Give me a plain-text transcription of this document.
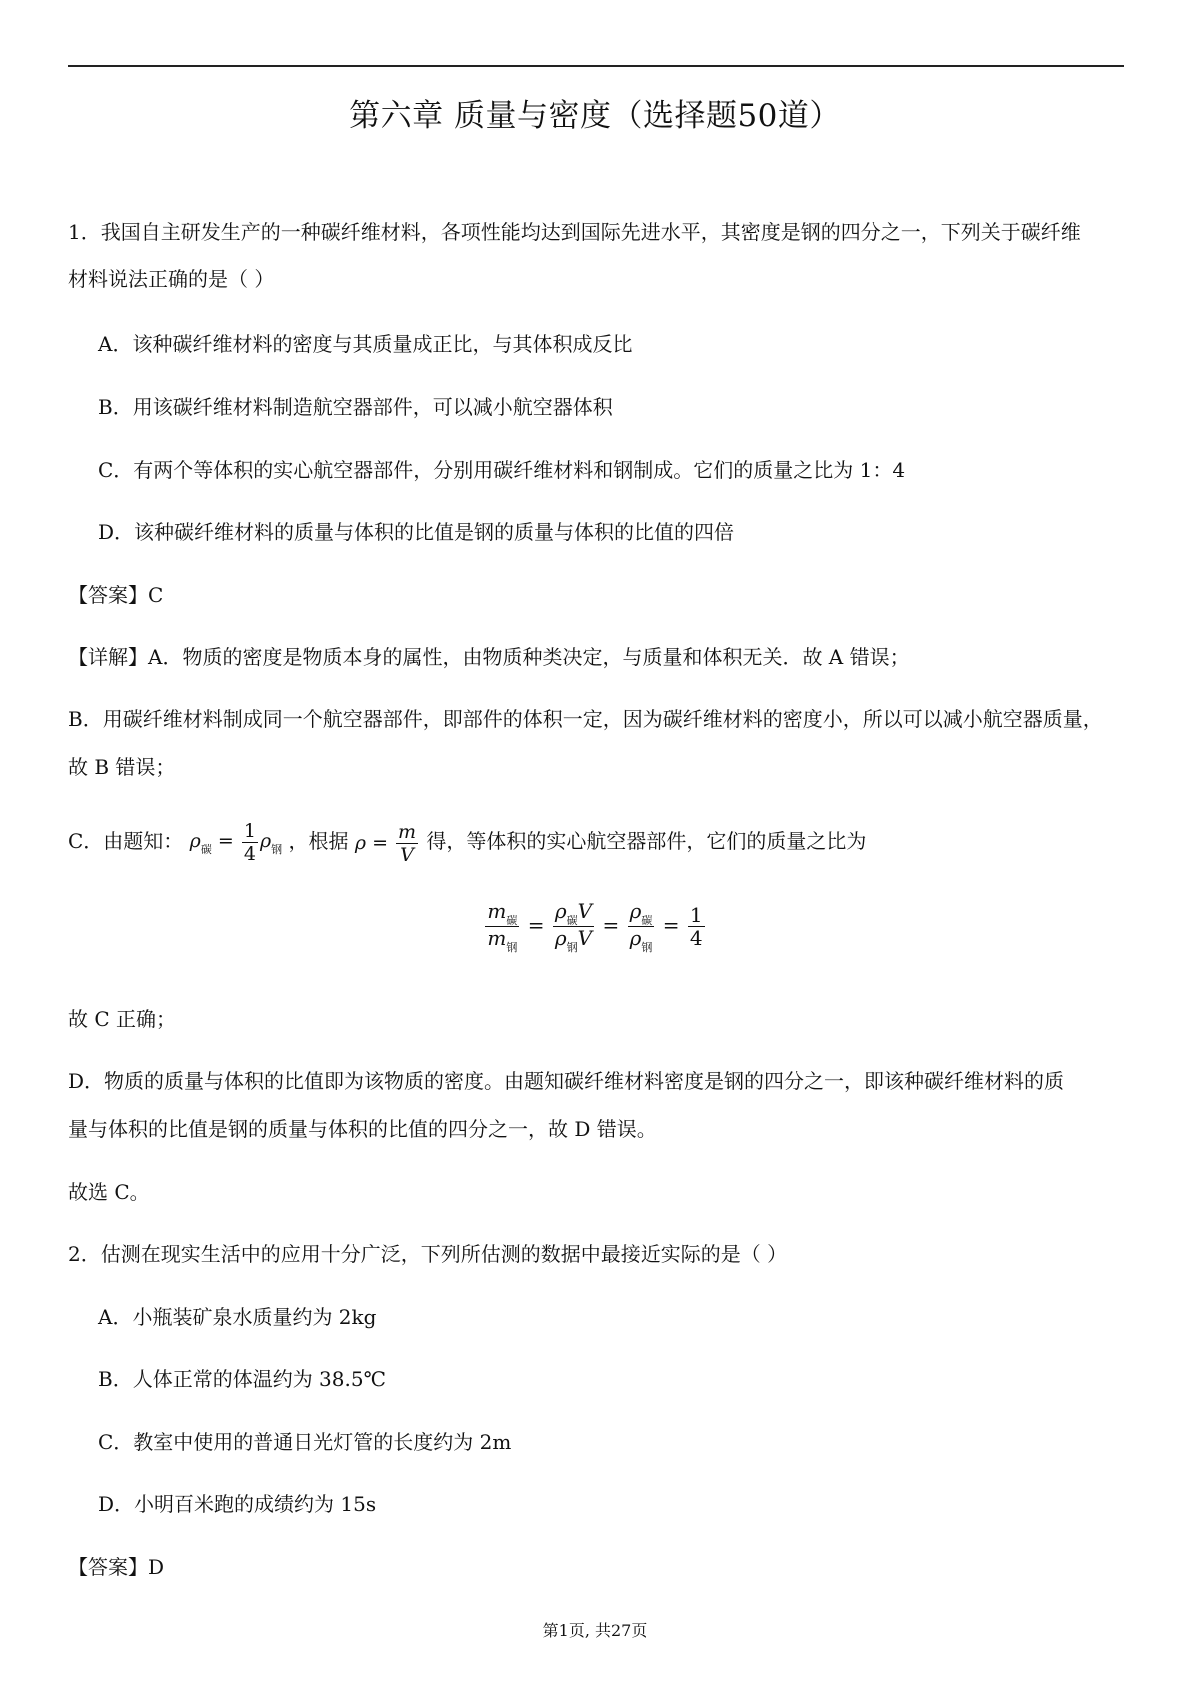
第六章 质量与密度（选择题50道）
1．我国自主研发生产的一种碳纤维材料，各项性能均达到国际先进水平，其密度是钢的四分之一，下列关于碳纤维
材料说法正确的是（ ）
A．该种碳纤维材料的密度与其质量成正比，与其体积成反比
B．用该碳纤维材料制造航空器部件，可以减小航空器体积
C．有两个等体积的实心航空器部件，分别用碳纤维材料和钢制成。它们的质量之比为 1：4
D．该种碳纤维材料的质量与体积的比值是钢的质量与体积的比值的四倍
【答案】C
【详解】A．物质的密度是物质本身的属性，由物质种类决定，与质量和体积无关．故 A 错误；
B．用碳纤维材料制成同一个航空器部件，即部件的体积一定，因为碳纤维材料的密度小，所以可以减小航空器质量，
故 B 错误；
C．由题知： $\rho_碳 = \frac{1}{4} \rho_钢$ ，根据 $\rho = \frac{m}{V}$ 得，等体积的实心航空器部件，它们的质量之比为
$\frac{m_碳}{m_钢} = \frac{\rho_碳V}{\rho_钢V} = \frac{\rho_碳}{\rho_钢} = \frac{1}{4}$
故 C 正确；
D．物质的质量与体积的比值即为该物质的密度。由题知碳纤维材料密度是钢的四分之一，即该种碳纤维材料的质
量与体积的比值是钢的质量与体积的比值的四分之一，故 D 错误。
故选 C。
2．估测在现实生活中的应用十分广泛，下列所估测的数据中最接近实际的是（ ）
A．小瓶装矿泉水质量约为 2kg
B．人体正常的体温约为 38.5℃
C．教室中使用的普通日光灯管的长度约为 2m
D．小明百米跑的成绩约为 15s
【答案】D
第1页, 共27页
